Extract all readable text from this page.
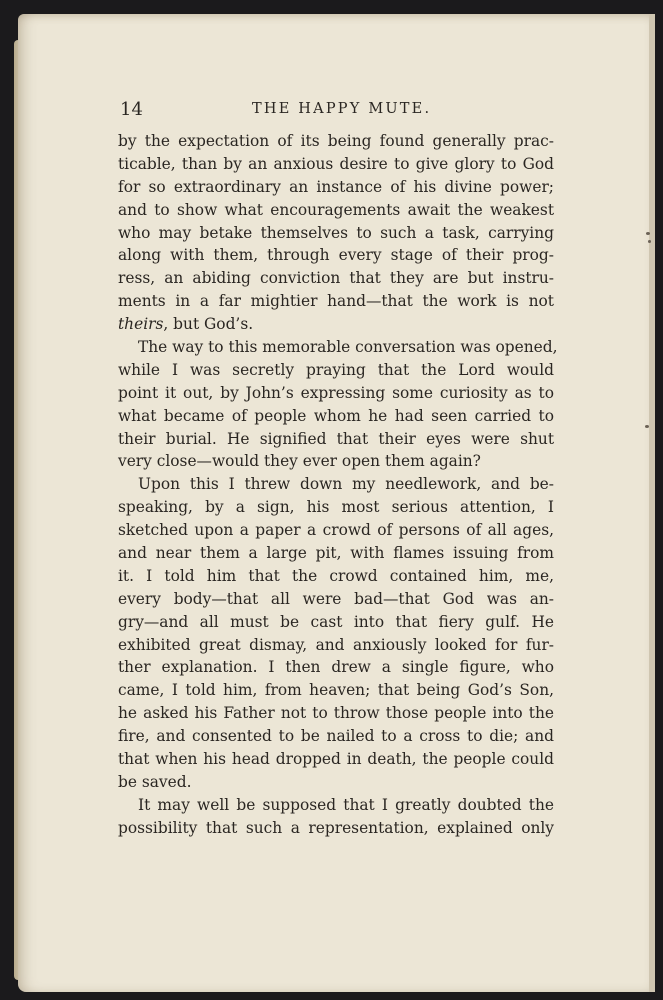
14	THE HAPPY MUTE.
by the expectation of its being found generally prac-
ticable, than by an anxious desire to give glory to God
for so extraordinary an instance of his divine power;
and to show what encouragements await the weakest
who may betake themselves to such a task, carrying
along with them, through every stage of their prog-
ress, an abiding conviction that they are but instru-
ments in a far mightier hand—that the work is not
theirs, but God’s.
The way to this memorable conversation was opened,
while I was secretly praying that the Lord would
point it out, by John’s expressing some curiosity as to
what became of people whom he had seen carried to
their burial. He signified that their eyes were shut
very close—would they ever open them again?
Upon this I threw down my needlework, and be-
speaking, by a sign, his most serious attention, I
sketched upon a paper a crowd of persons of all ages,
and near them a large pit, with flames issuing from
it. I told him that the crowd contained him, me,
every body—that all were bad—that God was an-
gry—and all must be cast into that fiery gulf. He
exhibited great dismay, and anxiously looked for fur-
ther explanation. I then drew a single figure, who
came, I told him, from heaven; that being God’s Son,
he asked his Father not to throw those people into the
fire, and consented to be nailed to a cross to die; and
that when his head dropped in death, the people could
be saved.
It may well be supposed that I greatly doubted the
possibility that such a representation, explained only
